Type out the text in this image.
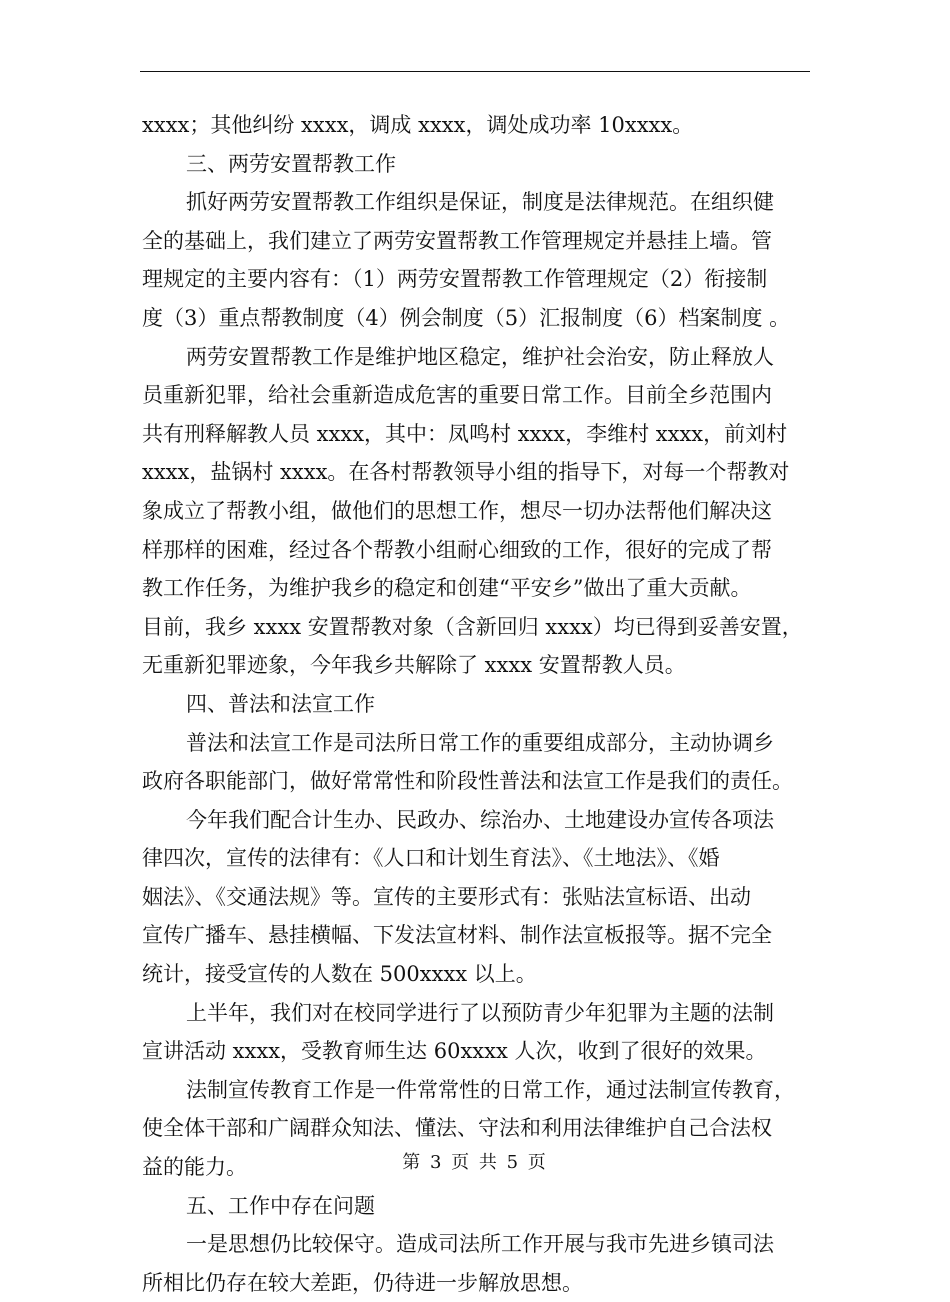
xxxx；其他纠纷 xxxx，调成 xxxx，调处成功率 10xxxx。
三、两劳安置帮教工作
抓好两劳安置帮教工作组织是保证，制度是法律规范。在组织健
全的基础上，我们建立了两劳安置帮教工作管理规定并悬挂上墙。管
理规定的主要内容有：（1）两劳安置帮教工作管理规定（2）衔接制
度（3）重点帮教制度（4）例会制度（5）汇报制度（6）档案制度 。
两劳安置帮教工作是维护地区稳定，维护社会治安，防止释放人
员重新犯罪，给社会重新造成危害的重要日常工作。目前全乡范围内
共有刑释解教人员 xxxx，其中：凤鸣村 xxxx，李维村 xxxx，前刘村
xxxx，盐锅村 xxxx。在各村帮教领导小组的指导下，对每一个帮教对
象成立了帮教小组，做他们的思想工作，想尽一切办法帮他们解决这
样那样的困难，经过各个帮教小组耐心细致的工作，很好的完成了帮
教工作任务，为维护我乡的稳定和创建“平安乡”做出了重大贡献。
目前，我乡 xxxx 安置帮教对象（含新回归 xxxx）均已得到妥善安置，
无重新犯罪迹象，今年我乡共解除了 xxxx 安置帮教人员。
四、普法和法宣工作
普法和法宣工作是司法所日常工作的重要组成部分，主动协调乡
政府各职能部门，做好常常性和阶段性普法和法宣工作是我们的责任。
今年我们配合计生办、民政办、综治办、土地建设办宣传各项法
律四次，宣传的法律有：《人口和计划生育法》、《土地法》、《婚
姻法》、《交通法规》等。宣传的主要形式有：张贴法宣标语、出动
宣传广播车、悬挂横幅、下发法宣材料、制作法宣板报等。据不完全
统计，接受宣传的人数在 500xxxx 以上。
上半年，我们对在校同学进行了以预防青少年犯罪为主题的法制
宣讲活动 xxxx，受教育师生达 60xxxx 人次，收到了很好的效果。
法制宣传教育工作是一件常常性的日常工作，通过法制宣传教育，
使全体干部和广阔群众知法、懂法、守法和利用法律维护自己合法权
益的能力。
五、工作中存在问题
一是思想仍比较保守。造成司法所工作开展与我市先进乡镇司法
所相比仍存在较大差距，仍待进一步解放思想。
第 3 页 共 5 页
